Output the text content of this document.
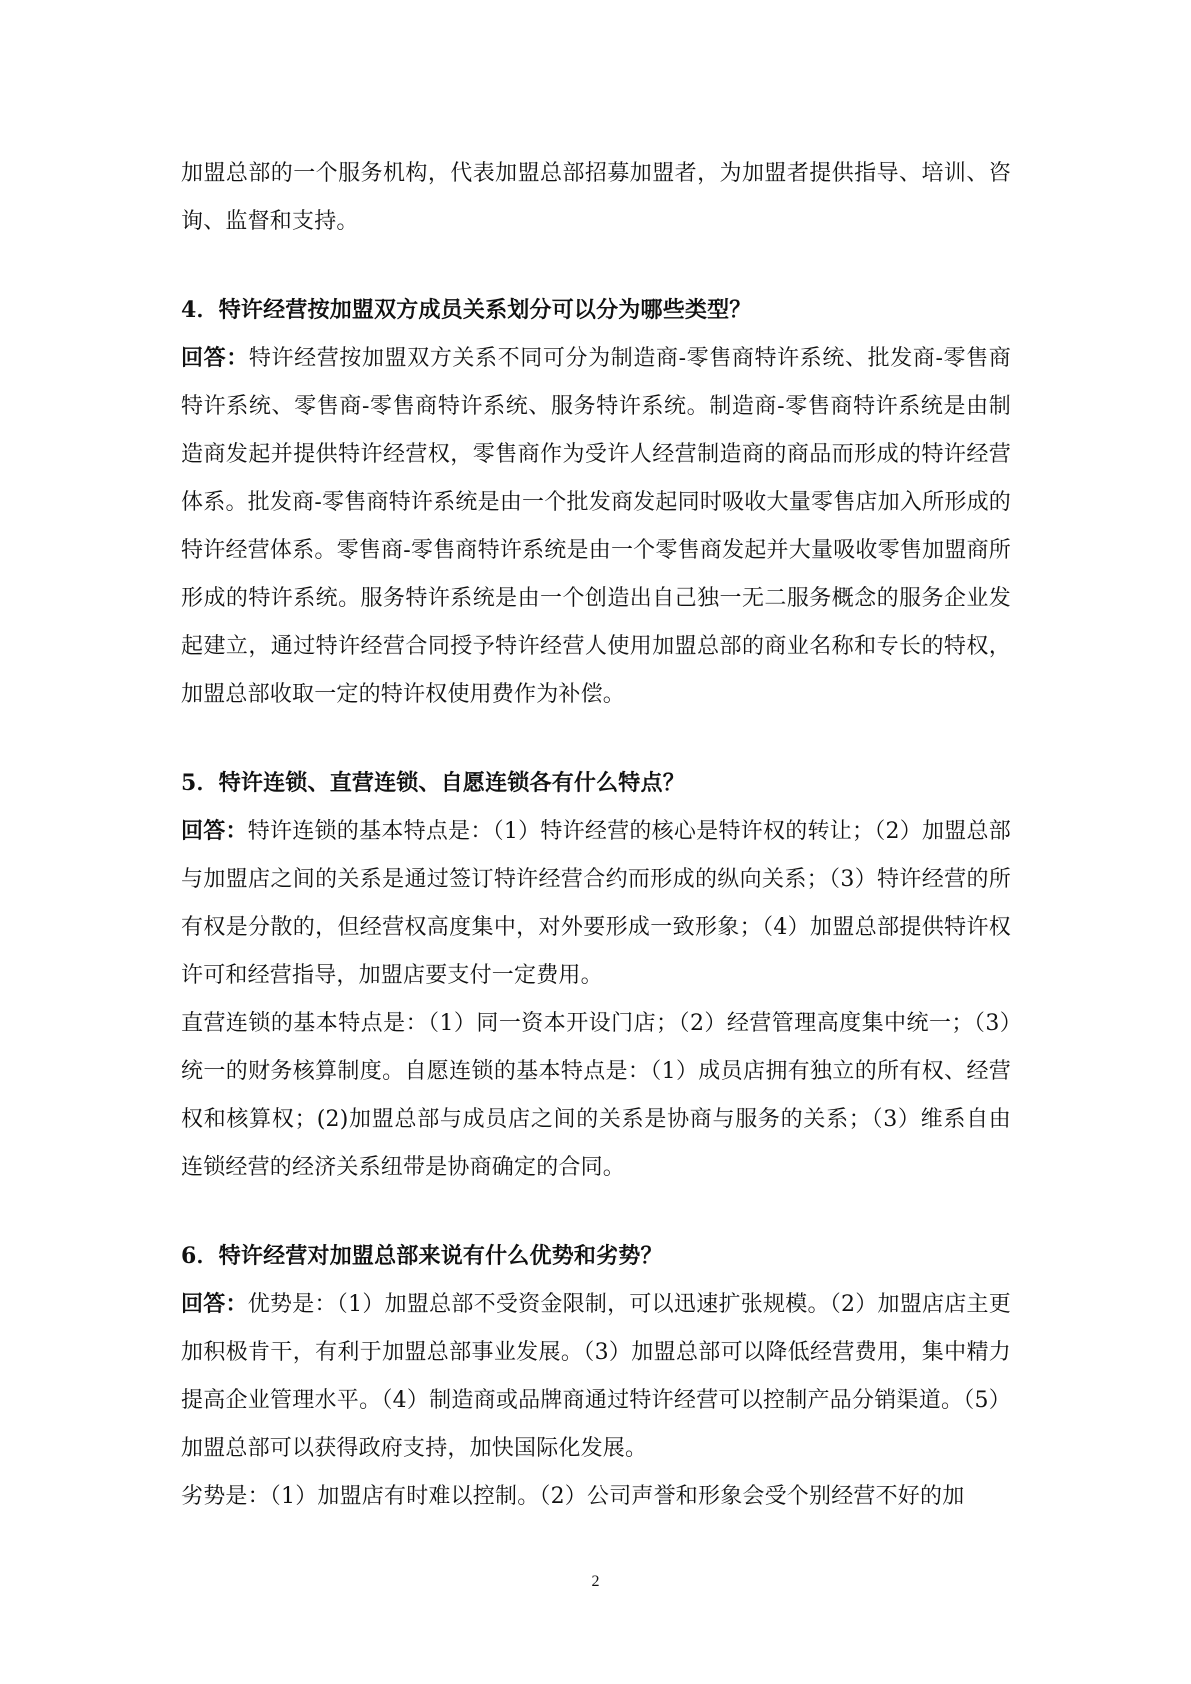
加盟总部的一个服务机构，代表加盟总部招募加盟者，为加盟者提供指导、培训、咨询、监督和支持。

4．特许经营按加盟双方成员关系划分可以分为哪些类型？

回答：特许经营按加盟双方关系不同可分为制造商-零售商特许系统、批发商-零售商特许系统、零售商-零售商特许系统、服务特许系统。制造商-零售商特许系统是由制造商发起并提供特许经营权，零售商作为受许人经营制造商的商品而形成的特许经营体系。批发商-零售商特许系统是由一个批发商发起同时吸收大量零售店加入所形成的特许经营体系。零售商-零售商特许系统是由一个零售商发起并大量吸收零售加盟商所形成的特许系统。服务特许系统是由一个创造出自己独一无二服务概念的服务企业发起建立，通过特许经营合同授予特许经营人使用加盟总部的商业名称和专长的特权，加盟总部收取一定的特许权使用费作为补偿。

5．特许连锁、直营连锁、自愿连锁各有什么特点？

回答：特许连锁的基本特点是：（1）特许经营的核心是特许权的转让；（2）加盟总部与加盟店之间的关系是通过签订特许经营合约而形成的纵向关系；（3）特许经营的所有权是分散的，但经营权高度集中，对外要形成一致形象；（4）加盟总部提供特许权许可和经营指导，加盟店要支付一定费用。

直营连锁的基本特点是：（1）同一资本开设门店；（2）经营管理高度集中统一；（3）统一的财务核算制度。自愿连锁的基本特点是：（1）成员店拥有独立的所有权、经营权和核算权；(2)加盟总部与成员店之间的关系是协商与服务的关系；（3）维系自由连锁经营的经济关系纽带是协商确定的合同。

6．特许经营对加盟总部来说有什么优势和劣势？

回答：优势是：（1）加盟总部不受资金限制，可以迅速扩张规模。（2）加盟店店主更加积极肯干，有利于加盟总部事业发展。（3）加盟总部可以降低经营费用，集中精力提高企业管理水平。（4）制造商或品牌商通过特许经营可以控制产品分销渠道。（5）加盟总部可以获得政府支持，加快国际化发展。

劣势是：（1）加盟店有时难以控制。（2）公司声誉和形象会受个别经营不好的加

2
